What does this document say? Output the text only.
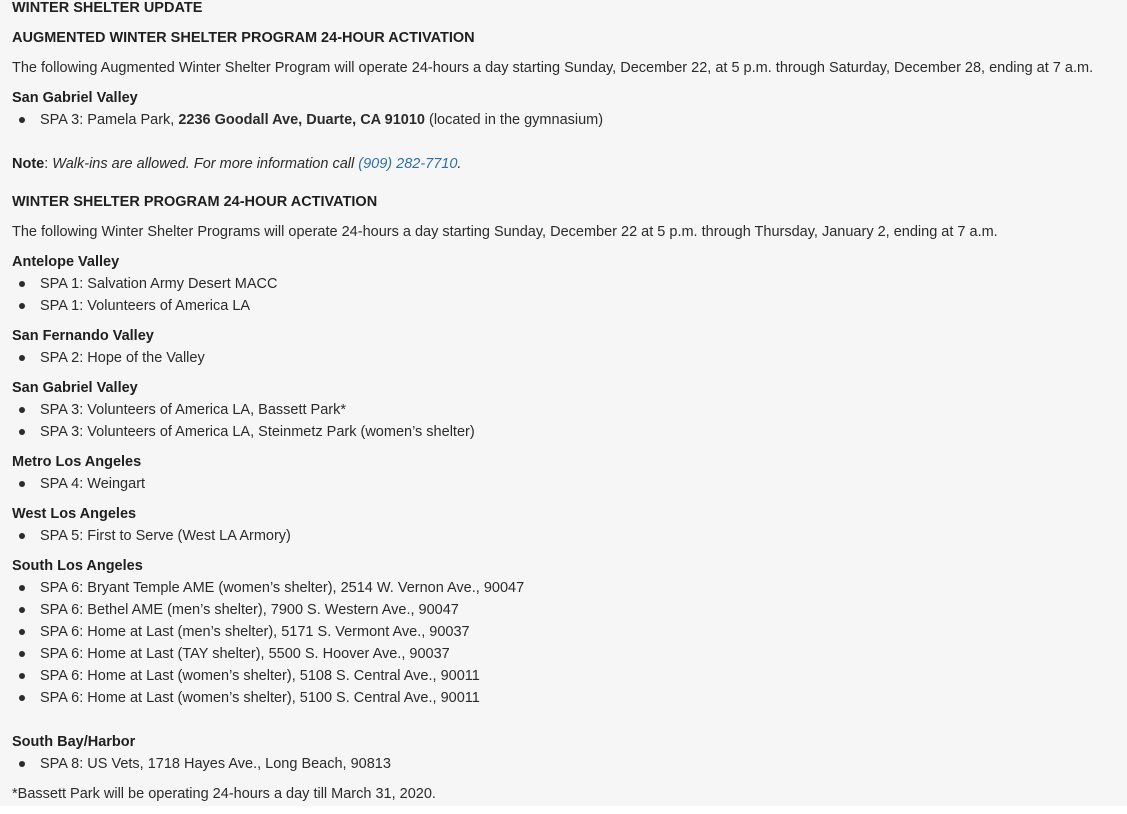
WINTER SHELTER UPDATE

AUGMENTED WINTER SHELTER PROGRAM 24-HOUR ACTIVATION

The following Augmented Winter Shelter Program will operate 24-hours a day starting Sunday, December 22, at 5 p.m. through Saturday, December 28, ending at 7 a.m.

San Gabriel Valley

SPA 3: Pamela Park, 2236 Goodall Ave, Duarte, CA 91010 (located in the gymnasium)

Note: Walk-ins are allowed. For more information call (909) 282-7710.

WINTER SHELTER PROGRAM 24-HOUR ACTIVATION

The following Winter Shelter Programs will operate 24-hours a day starting Sunday, December 22 at 5 p.m. through Thursday, January 2, ending at 7 a.m.

Antelope Valley

SPA 1: Salvation Army Desert MACC
SPA 1: Volunteers of America LA

San Fernando Valley

SPA 2: Hope of the Valley

San Gabriel Valley

SPA 3: Volunteers of America LA, Bassett Park*
SPA 3: Volunteers of America LA, Steinmetz Park (women’s shelter)

Metro Los Angeles

SPA 4: Weingart

West Los Angeles

SPA 5: First to Serve (West LA Armory)

South Los Angeles

SPA 6: Bryant Temple AME (women’s shelter), 2514 W. Vernon Ave., 90047
SPA 6: Bethel AME (men’s shelter), 7900 S. Western Ave., 90047
SPA 6: Home at Last (men’s shelter), 5171 S. Vermont Ave., 90037
SPA 6: Home at Last (TAY shelter), 5500 S. Hoover Ave., 90037
SPA 6: Home at Last (women’s shelter), 5108 S. Central Ave., 90011
SPA 6: Home at Last (women’s shelter), 5100 S. Central Ave., 90011

South Bay/Harbor

SPA 8: US Vets, 1718 Hayes Ave., Long Beach, 90813

*Bassett Park will be operating 24-hours a day till March 31, 2020.
